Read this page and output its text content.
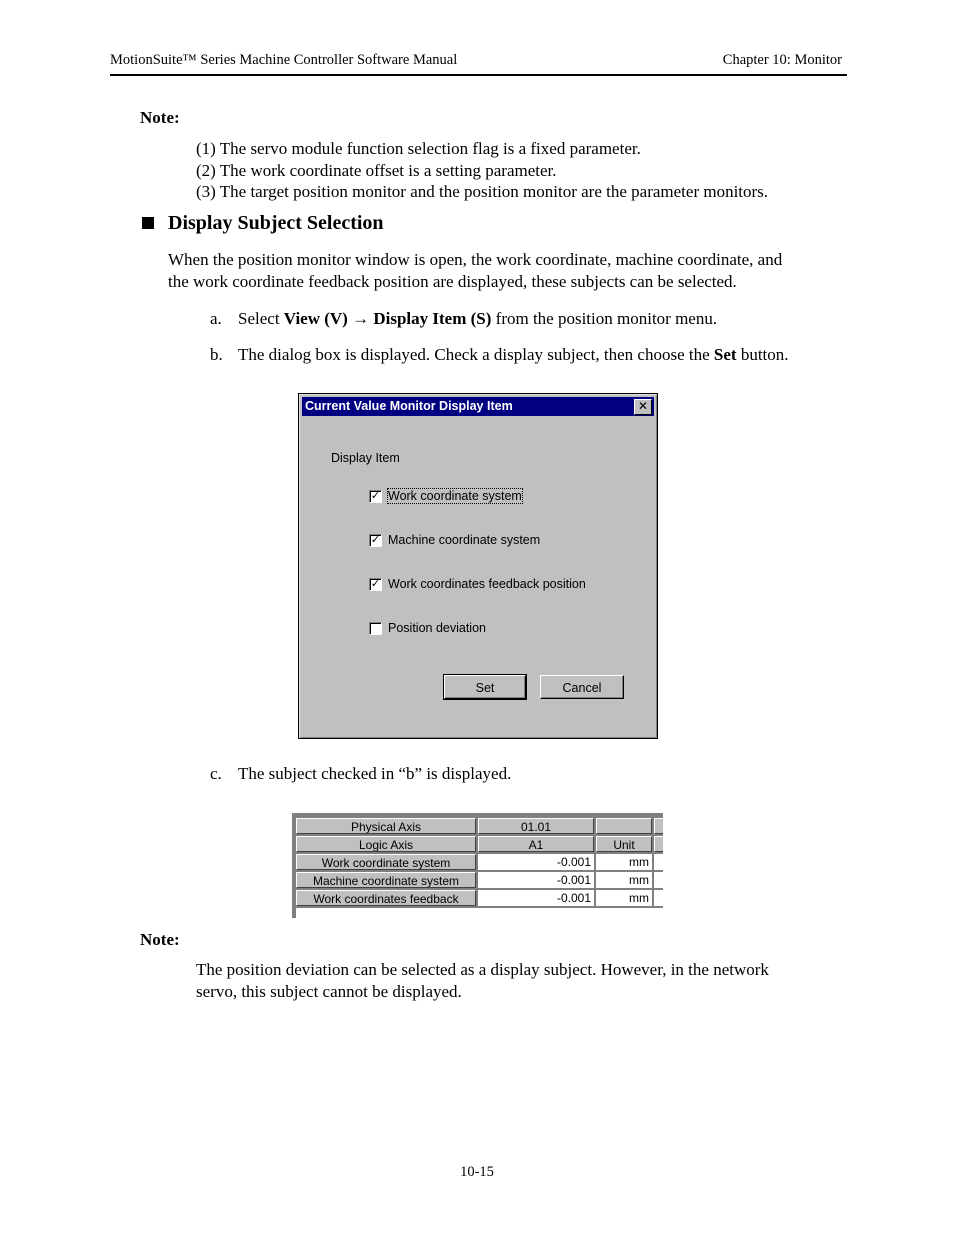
MotionSuite™ Series Machine Controller Software Manual	Chapter 10: Monitor
Note:
(1) The servo module function selection flag is a fixed parameter.
(2) The work coordinate offset is a setting parameter.
(3) The target position monitor and the position monitor are the parameter monitors.
Display Subject Selection
When the position monitor window is open, the work coordinate, machine coordinate, and
the work coordinate feedback position are displayed, these subjects can be selected.
a. Select View (V) → Display Item (S) from the position monitor menu.
b. The dialog box is displayed. Check a display subject, then choose the Set button.
Current Value Monitor Display Item	✕
Display Item
✓ Work coordinate system
✓ Machine coordinate system
✓ Work coordinates feedback position
Position deviation
Set	Cancel
c. The subject checked in “b” is displayed.
Physical Axis	01.01
Logic Axis	A1	Unit
Work coordinate system	-0.001	mm
Machine coordinate system	-0.001	mm
Work coordinates feedback	-0.001	mm
Note:
The position deviation can be selected as a display subject. However, in the network
servo, this subject cannot be displayed.
10-15
